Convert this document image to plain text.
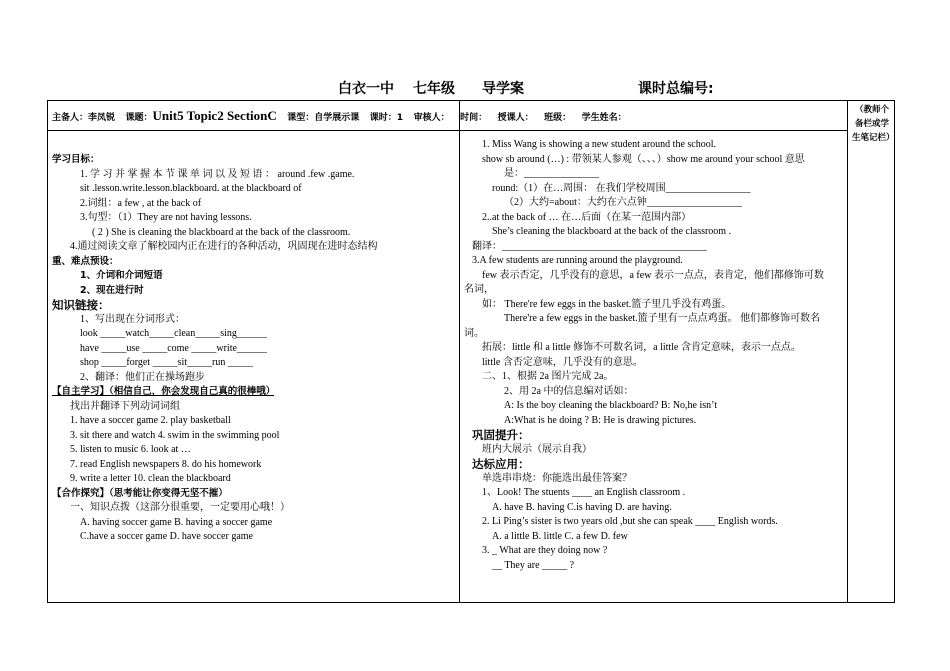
白衣一中 七年级 导学案	课时总编号:
主备人：李凤锐 课题：Unit5 Topic2 SectionC 课型：自学展示课 课时：1 审核人： 时间： 授课人： 班级： 学生姓名：
（教师个备栏或学生笔记栏）
学习目标：
1. 学 习 并 掌 握 本 节 课 单 词 以 及 短 语 ： around .few .game.
sit .lesson.write.lesson.blackboard. at the blackboard of
2.词组：a few , at the back of
3.句型：（1）They are not having lessons.
( 2 ) She is cleaning the blackboard at the back of the classroom.
4.通过阅读文章了解校园内正在进行的各种活动，巩固现在进时态结构
重、难点预设：
1、介词和介词短语
2、现在进行时
知识链接：
1、写出现在分词形式：
look _____watch_____clean_____sing______
have _____use _____come _____write______
shop _____forget _____sit_____run _____
2、翻译：他们正在操场跑步
【自主学习】（相信自己，你会发现自己真的很棒哦）
找出并翻译下列动词词组
1. have a soccer game 2. play basketball
3. sit there and watch 4. swim in the swimming pool
5. listen to music 6. look at …
7. read English newspapers 8. do his homework
9. write a letter 10. clean the blackboard
【合作探究】（思考能让你变得无坚不摧）
一、知识点拨（这部分很重要，一定要用心哦！）
A. having soccer game B. having a soccer game
C.have a soccer game D. have soccer game
1. Miss Wang is showing a new student around the school.
show sb around (…) : 带领某人参观（、、、）show me around your school 意思
是：_______________
round:（1）在…周围： 在我们学校周围_________________
（2）大约=about：大约在六点钟___________________
2..at the back of … 在…后面（在某一范围内部）
She’s cleaning the blackboard at the back of the classroom .
翻译：_________________________________________
3.A few students are running around the playground.
few 表示否定，几乎没有的意思，a few 表示一点点，表肯定，他们都修饰可数
名词，
如： There're few eggs in the basket.篮子里几乎没有鸡蛋。
There're a few eggs in the basket.篮子里有一点点鸡蛋。 他们都修饰可数名
词。
拓展：little 和 a little 修饰不可数名词，a little 含肯定意味，表示一点点。
little 含否定意味，几乎没有的意思。
二、1、根据 2a 图片完成 2a。
2、用 2a 中的信息编对话如：
A: Is the boy cleaning the blackboard? B: No,he isn’t
A:What is he doing ? B: He is drawing pictures.
巩固提升：
班内大展示（展示自我）
达标应用：
单选串串烧：你能选出最佳答案？
1、Look! The stuents ____ an English classroom .
A. have B. having C.is having D. are having.
2. Li Ping’s sister is two years old ,but she can speak ____ English words.
A. a little B. little C. a few D. few
3. _ What are they doing now ?
__ They are _____ ?
